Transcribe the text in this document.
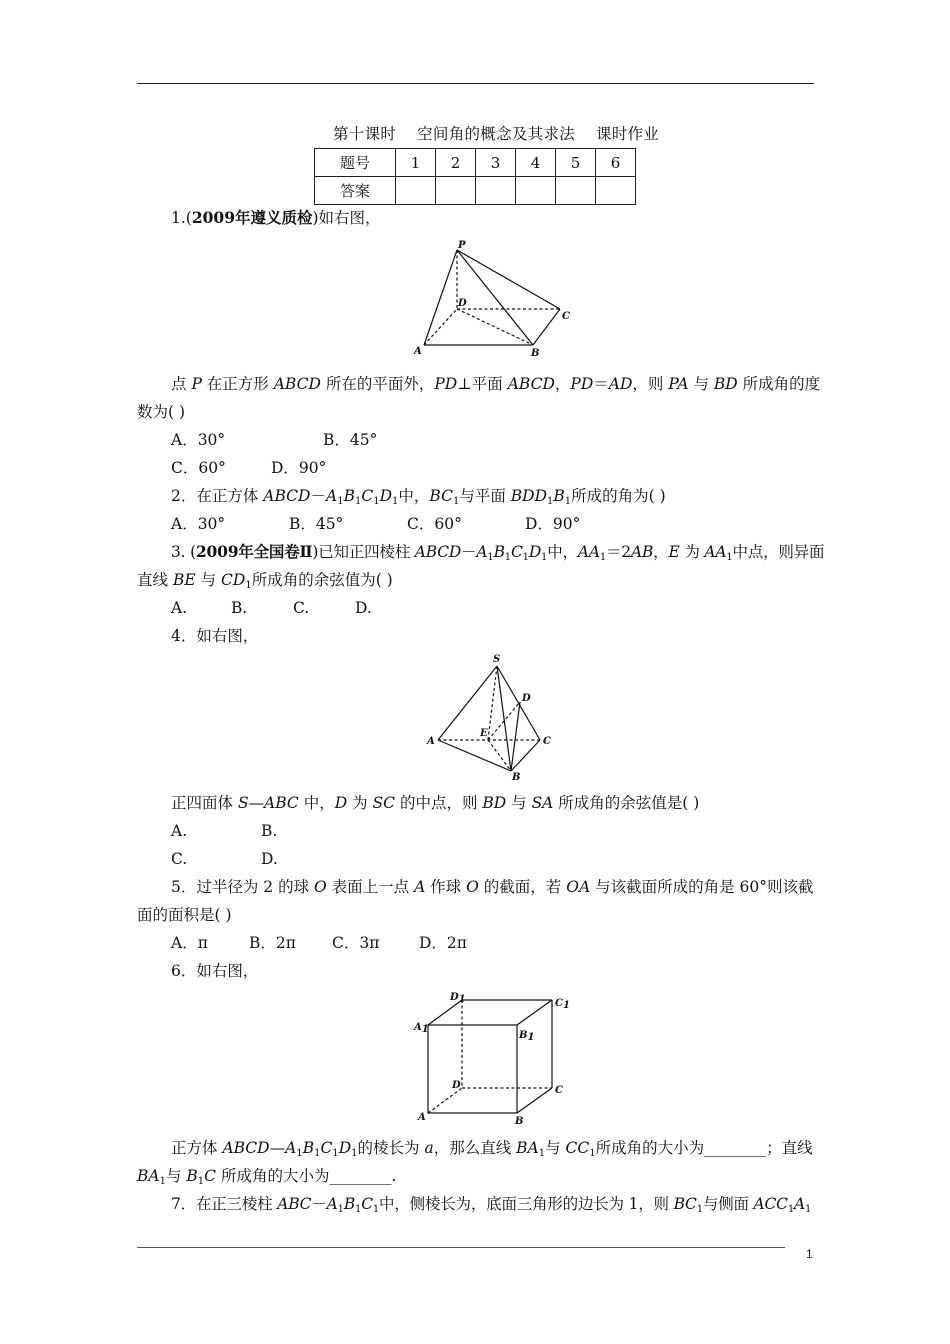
第十课时    空间角的概念及其求法    课时作业
题号	1	2	3	4	5	6
答案						
1.(2009年遵义质检)如右图，
P
D
C
A	B
点 P 在正方形 ABCD 所在的平面外，PD⊥平面 ABCD，PD＝AD，则 PA 与 BD 所成角的度
数为( )
A．30°	B．45°
C．60°	D．90°
2．在正方体 $ABCD-A_1B_1C_1D_1$中，$BC_1$与平面 $BDD_1B_1$所成的角为( )
A．30°	B．45°	C．60°	D．90°
3. (2009年全国卷Ⅱ)已知正四棱柱 $ABCD-A_1B_1C_1D_1$中，$AA_1=2AB$，E 为 $AA_1$中点，则异面
直线 BE 与 $CD_1$所成角的余弦值为( )
A.	B.	C.	D.
4．如右图，
S
D
E
A	C
B
正四面体 S—ABC 中，D 为 SC 的中点，则 BD 与 SA 所成角的余弦值是( )
A.	B.
C.	D.
5．过半径为 2 的球 O 表面上一点 A 作球 O 的截面，若 OA 与该截面所成的角是 60°则该截
面的面积是( )
A．π	B．2π C．3π	D．2π
6．如右图，
D1	C1
A1
B1
D	C
A	B
正方体 $ABCD—A_1B_1C_1D_1$的棱长为 a，那么直线 $BA_1$与 $CC_1$所成角的大小为________；直线
$BA_1$与 $B_1C$ 所成角的大小为________.
7．在正三棱柱 $ABC-A_1B_1C_1$中，侧棱长为，底面三角形的边长为 1，则 $BC_1$与侧面 $ACC_1A_1$
1
